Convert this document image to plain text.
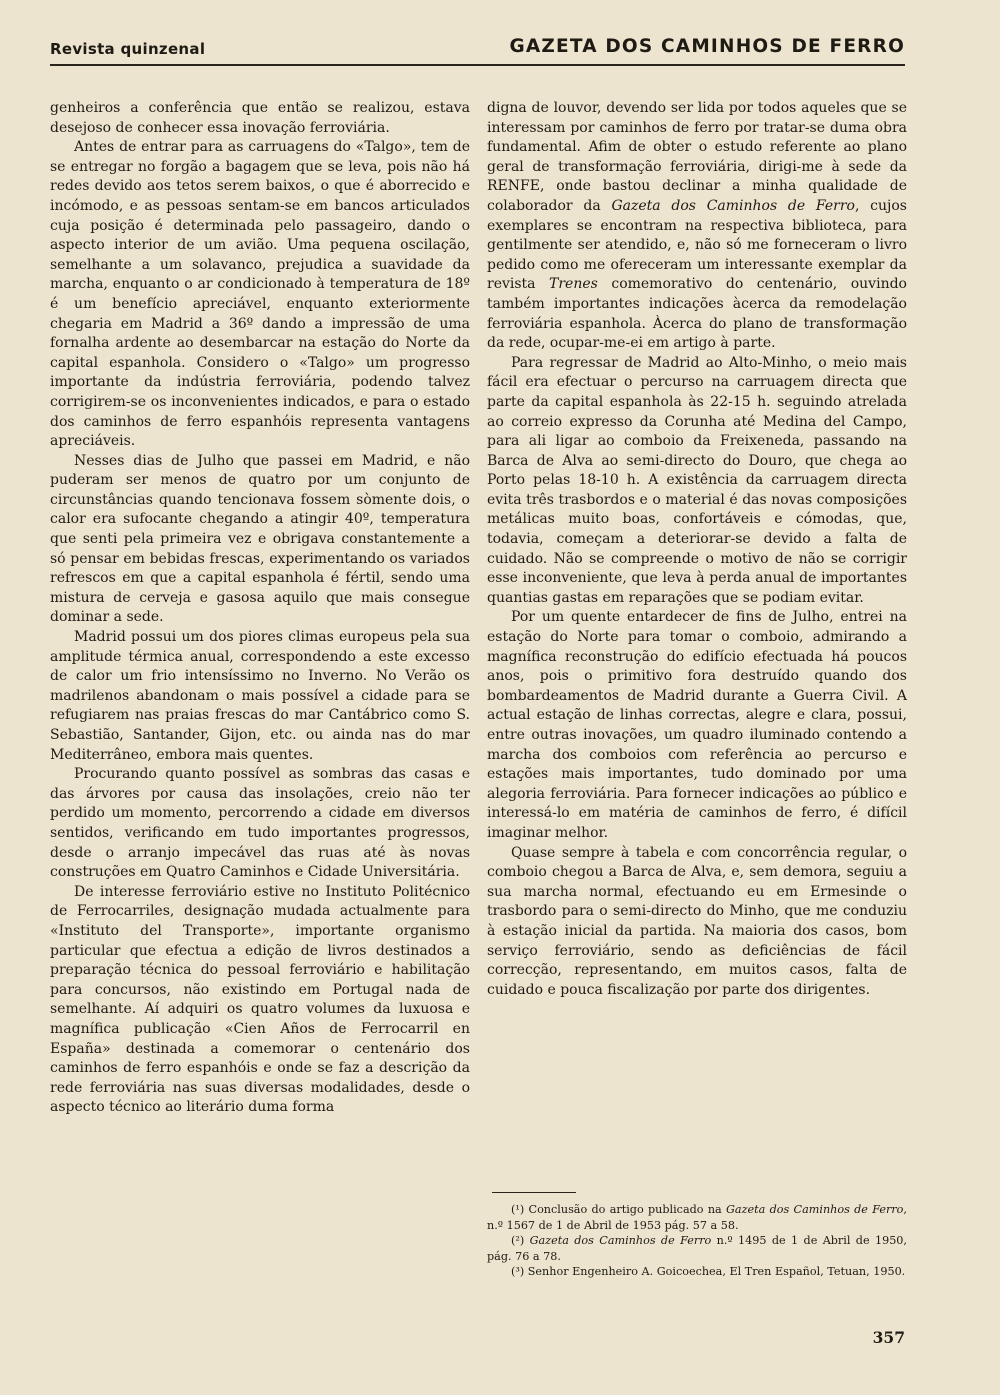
Revista quinzenal	GAZETA DOS CAMINHOS DE FERRO

genheiros a conferência que então se realizou, estava desejoso de conhecer essa inovação ferroviária.

Antes de entrar para as carruagens do «Talgo», tem de se entregar no forgão a bagagem que se leva, pois não há redes devido aos tetos serem baixos, o que é aborrecido e incómodo, e as pessoas sentam-se em bancos articulados cuja posição é determinada pelo passageiro, dando o aspecto interior de um avião. Uma pequena oscilação, semelhante a um solavanco, prejudica a suavidade da marcha, enquanto o ar condicionado à temperatura de 18º é um benefício apreciável, enquanto exteriormente chegaria em Madrid a 36º dando a impressão de uma fornalha ardente ao desembarcar na estação do Norte da capital espanhola. Considero o «Talgo» um progresso importante da indústria ferroviária, podendo talvez corrigirem-se os inconvenientes indicados, e para o estado dos caminhos de ferro espanhóis representa vantagens apreciáveis.

Nesses dias de Julho que passei em Madrid, e não puderam ser menos de quatro por um conjunto de circunstâncias quando tencionava fossem sòmente dois, o calor era sufocante chegando a atingir 40º, temperatura que senti pela primeira vez e obrigava constantemente a só pensar em bebidas frescas, experimentando os variados refrescos em que a capital espanhola é fértil, sendo uma mistura de cerveja e gasosa aquilo que mais consegue dominar a sede.

Madrid possui um dos piores climas europeus pela sua amplitude térmica anual, correspondendo a este excesso de calor um frio intensíssimo no Inverno. No Verão os madrilenos abandonam o mais possível a cidade para se refugiarem nas praias frescas do mar Cantábrico como S. Sebastião, Santander, Gijon, etc. ou ainda nas do mar Mediterrâneo, embora mais quentes.

Procurando quanto possível as sombras das casas e das árvores por causa das insolações, creio não ter perdido um momento, percorrendo a cidade em diversos sentidos, verificando em tudo importantes progressos, desde o arranjo impecável das ruas até às novas construções em Quatro Caminhos e Cidade Universitária.

De interesse ferroviário estive no Instituto Politécnico de Ferrocarriles, designação mudada actualmente para «Instituto del Transporte», importante organismo particular que efectua a edição de livros destinados a preparação técnica do pessoal ferroviário e habilitação para concursos, não existindo em Portugal nada de semelhante. Aí adquiri os quatro volumes da luxuosa e magnífica publicação «Cien Años de Ferrocarril en España» destinada a comemorar o centenário dos caminhos de ferro espanhóis e onde se faz a descrição da rede ferroviária nas suas diversas modalidades, desde o aspecto técnico ao literário duma forma

digna de louvor, devendo ser lida por todos aqueles que se interessam por caminhos de ferro por tratar-se duma obra fundamental. Afim de obter o estudo referente ao plano geral de transformação ferroviária, dirigi-me à sede da RENFE, onde bastou declinar a minha qualidade de colaborador da Gazeta dos Caminhos de Ferro, cujos exemplares se encontram na respectiva biblioteca, para gentilmente ser atendido, e, não só me forneceram o livro pedido como me ofereceram um interessante exemplar da revista Trenes comemorativo do centenário, ouvindo também importantes indicações àcerca da remodelação ferroviária espanhola. Àcerca do plano de transformação da rede, ocupar-me-ei em artigo à parte.

Para regressar de Madrid ao Alto-Minho, o meio mais fácil era efectuar o percurso na carruagem directa que parte da capital espanhola às 22-15 h. seguindo atrelada ao correio expresso da Corunha até Medina del Campo, para ali ligar ao comboio da Freixeneda, passando na Barca de Alva ao semi-directo do Douro, que chega ao Porto pelas 18-10 h. A existência da carruagem directa evita três trasbordos e o material é das novas composições metálicas muito boas, confortáveis e cómodas, que, todavia, começam a deteriorar-se devido a falta de cuidado. Não se compreende o motivo de não se corrigir esse inconveniente, que leva à perda anual de importantes quantias gastas em reparações que se podiam evitar.

Por um quente entardecer de fins de Julho, entrei na estação do Norte para tomar o comboio, admirando a magnífica reconstrução do edifício efectuada há poucos anos, pois o primitivo fora destruído quando dos bombardeamentos de Madrid durante a Guerra Civil. A actual estação de linhas correctas, alegre e clara, possui, entre outras inovações, um quadro iluminado contendo a marcha dos comboios com referência ao percurso e estações mais importantes, tudo dominado por uma alegoria ferroviária. Para fornecer indicações ao público e interessá-lo em matéria de caminhos de ferro, é difícil imaginar melhor.

Quase sempre à tabela e com concorrência regular, o comboio chegou a Barca de Alva, e, sem demora, seguiu a sua marcha normal, efectuando eu em Ermesinde o trasbordo para o semi-directo do Minho, que me conduziu à estação inicial da partida. Na maioria dos casos, bom serviço ferroviário, sendo as deficiências de fácil correcção, representando, em muitos casos, falta de cuidado e pouca fiscalização por parte dos dirigentes.

(¹) Conclusão do artigo publicado na Gazeta dos Caminhos de Ferro, n.º 1567 de 1 de Abril de 1953 pág. 57 a 58.

(²) Gazeta dos Caminhos de Ferro n.º 1495 de 1 de Abril de 1950, pág. 76 a 78.

(³) Senhor Engenheiro A. Goicoechea, El Tren Español, Tetuan, 1950.

357
